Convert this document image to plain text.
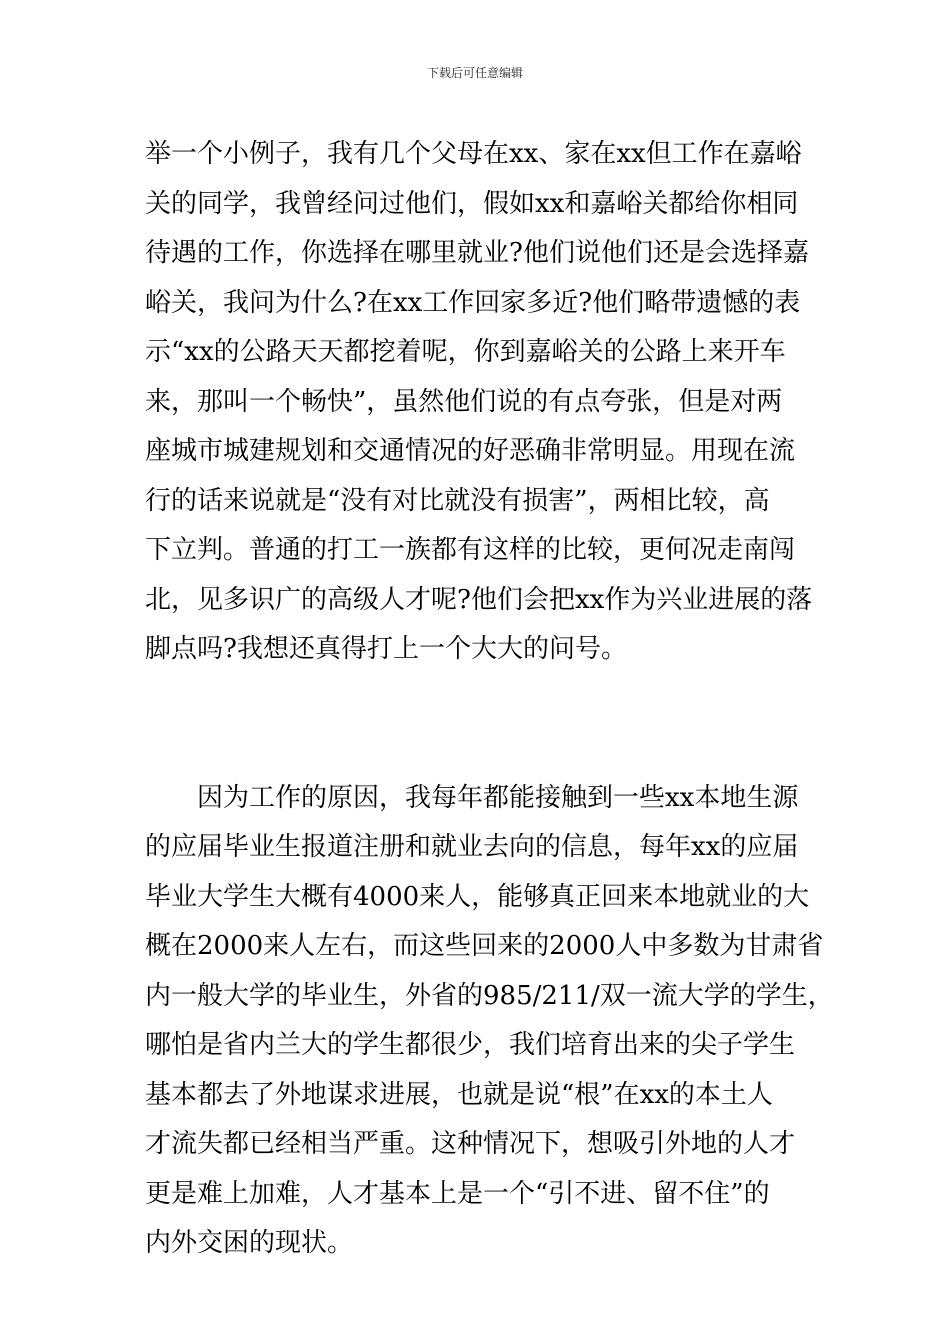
下载后可任意编辑
举一个小例子，我有几个父母在xx、家在xx但工作在嘉峪
关的同学，我曾经问过他们，假如xx和嘉峪关都给你相同
待遇的工作，你选择在哪里就业?他们说他们还是会选择嘉
峪关，我问为什么?在xx工作回家多近?他们略带遗憾的表
示“xx的公路天天都挖着呢，你到嘉峪关的公路上来开车
来，那叫一个畅快”，虽然他们说的有点夸张，但是对两
座城市城建规划和交通情况的好恶确非常明显。用现在流
行的话来说就是“没有对比就没有损害”，两相比较，高
下立判。普通的打工一族都有这样的比较，更何况走南闯
北，见多识广的高级人才呢?他们会把xx作为兴业进展的落
脚点吗?我想还真得打上一个大大的问号。
　　因为工作的原因，我每年都能接触到一些xx本地生源
的应届毕业生报道注册和就业去向的信息，每年xx的应届
毕业大学生大概有4000来人，能够真正回来本地就业的大
概在2000来人左右，而这些回来的2000人中多数为甘肃省
内一般大学的毕业生，外省的985/211/双一流大学的学生，
哪怕是省内兰大的学生都很少，我们培育出来的尖子学生
基本都去了外地谋求进展，也就是说“根”在xx的本土人
才流失都已经相当严重。这种情况下，想吸引外地的人才
更是难上加难，人才基本上是一个“引不进、留不住”的
内外交困的现状。
